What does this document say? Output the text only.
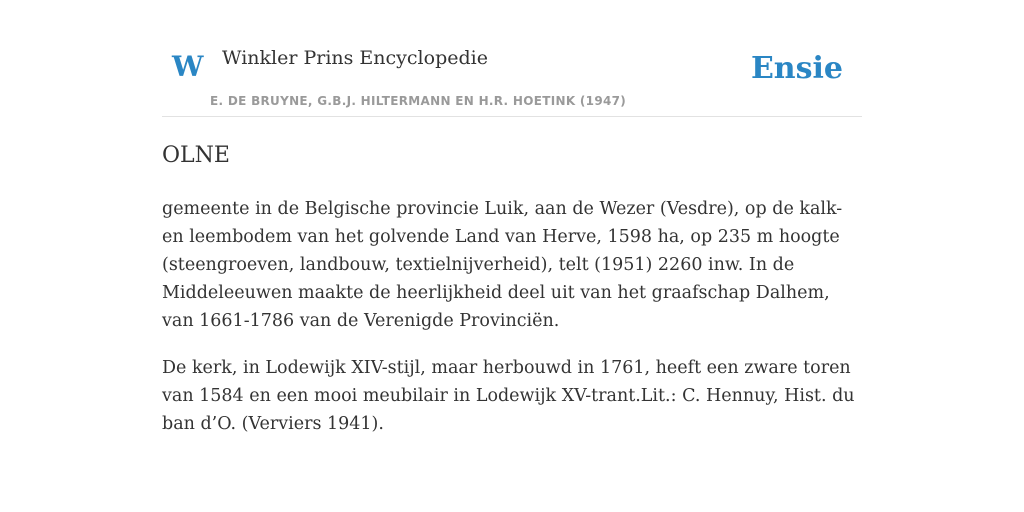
W Winkler Prins Encyclopedie
E. DE BRUYNE, G.B.J. HILTERMANN EN H.R. HOETINK (1947)
Ensie
OLNE

gemeente in de Belgische provincie Luik, aan de Wezer (Vesdre), op de kalk- en leembodem van het golvende Land van Herve, 1598 ha, op 235 m hoogte (steengroeven, landbouw, textielnijverheid), telt (1951) 2260 inw. In de Middeleeuwen maakte de heerlijkheid deel uit van het graafschap Dalhem, van 1661-1786 van de Verenigde Provinciën.

De kerk, in Lodewijk XIV-stijl, maar herbouwd in 1761, heeft een zware toren van 1584 en een mooi meubilair in Lodewijk XV-trant.Lit.: C. Hennuy, Hist. du ban d’O. (Verviers 1941).
